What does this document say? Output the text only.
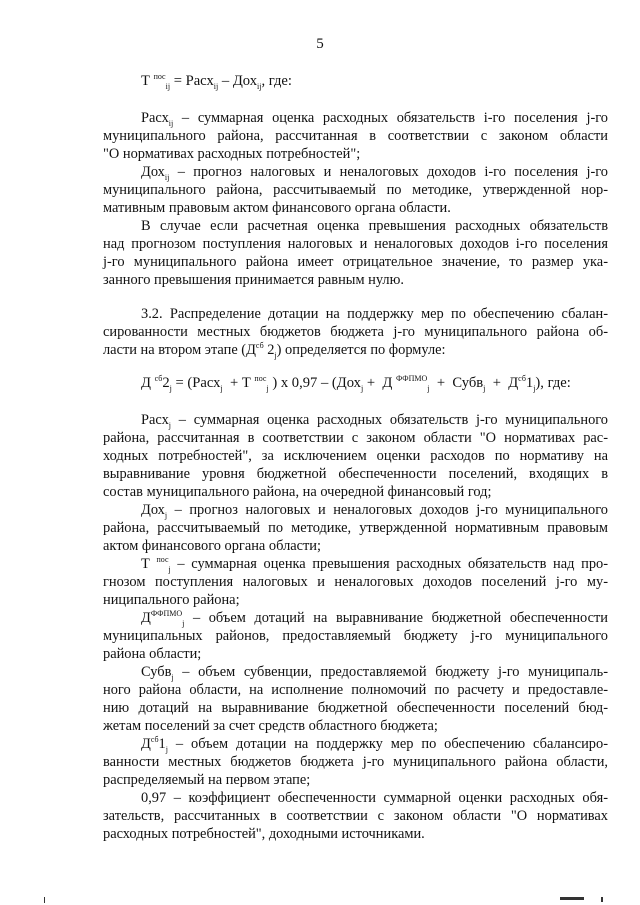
5
Т $^{пос}_{ij}$ = Расх$_{ij}$ – Дох$_{ij}$, где:
Расх$_{ij}$ – суммарная оценка расходных обязательств i-го поселения j-го
муниципального района, рассчитанная в соответствии с законом области
"О нормативах расходных потребностей";
Дох$_{ij}$ – прогноз налоговых и неналоговых доходов i-го поселения j-го
муниципального района, рассчитываемый по методике, утвержденной нор-
мативным правовым актом финансового органа области.
В случае если расчетная оценка превышения расходных обязательств
над прогнозом поступления налоговых и неналоговых доходов i-го поселения
j-го муниципального района имеет отрицательное значение, то размер ука-
занного превышения принимается равным нулю.
3.2. Распределение дотации на поддержку мер по обеспечению сбалан-
сированности местных бюджетов бюджета j-го муниципального района об-
ласти на втором этапе ($Д^{сб}$ $2_j$) определяется по формуле:
Д $^{сб}2_j$ = (Расх$_j$  + Т $^{пос}_j$ ) х 0,97 – (Дох$_j$ +  Д $^{ФФПМО}_j$  +  Субв$_j$  +  $Д^{сб}1_j$), где:
Расх$_j$ – суммарная оценка расходных обязательств j-го муниципального
района, рассчитанная в соответствии с законом области "О нормативах рас-
ходных потребностей", за исключением оценки расходов по нормативу на
выравнивание уровня бюджетной обеспеченности поселений, входящих в
состав муниципального района, на очередной финансовый год;
Дох$_j$ – прогноз налоговых и неналоговых доходов j-го муниципального
района, рассчитываемый по методике, утвержденной нормативным правовым
актом финансового органа области;
Т $^{пос}_j$ – суммарная оценка превышения расходных обязательств над про-
гнозом поступления налоговых и неналоговых доходов поселений j-го му-
ниципального района;
$Д^{ФФПМО}_j$ – объем дотаций на выравнивание бюджетной обеспеченности
муниципальных районов, предоставляемый бюджету j-го муниципального
района области;
Субв$_j$ – объем субвенции, предоставляемой бюджету j-го муниципаль-
ного района области, на исполнение полномочий по расчету и предоставле-
нию дотаций на выравнивание бюджетной обеспеченности поселений бюд-
жетам поселений за счет средств областного бюджета;
$Д^{сб}1_j$ – объем дотации на поддержку мер по обеспечению сбалансиро-
ванности местных бюджетов бюджета j-го муниципального района области,
распределяемый на первом этапе;
0,97 – коэффициент обеспеченности суммарной оценки расходных обя-
зательств, рассчитанных в соответствии с законом области "О нормативах
расходных потребностей", доходными источниками.
